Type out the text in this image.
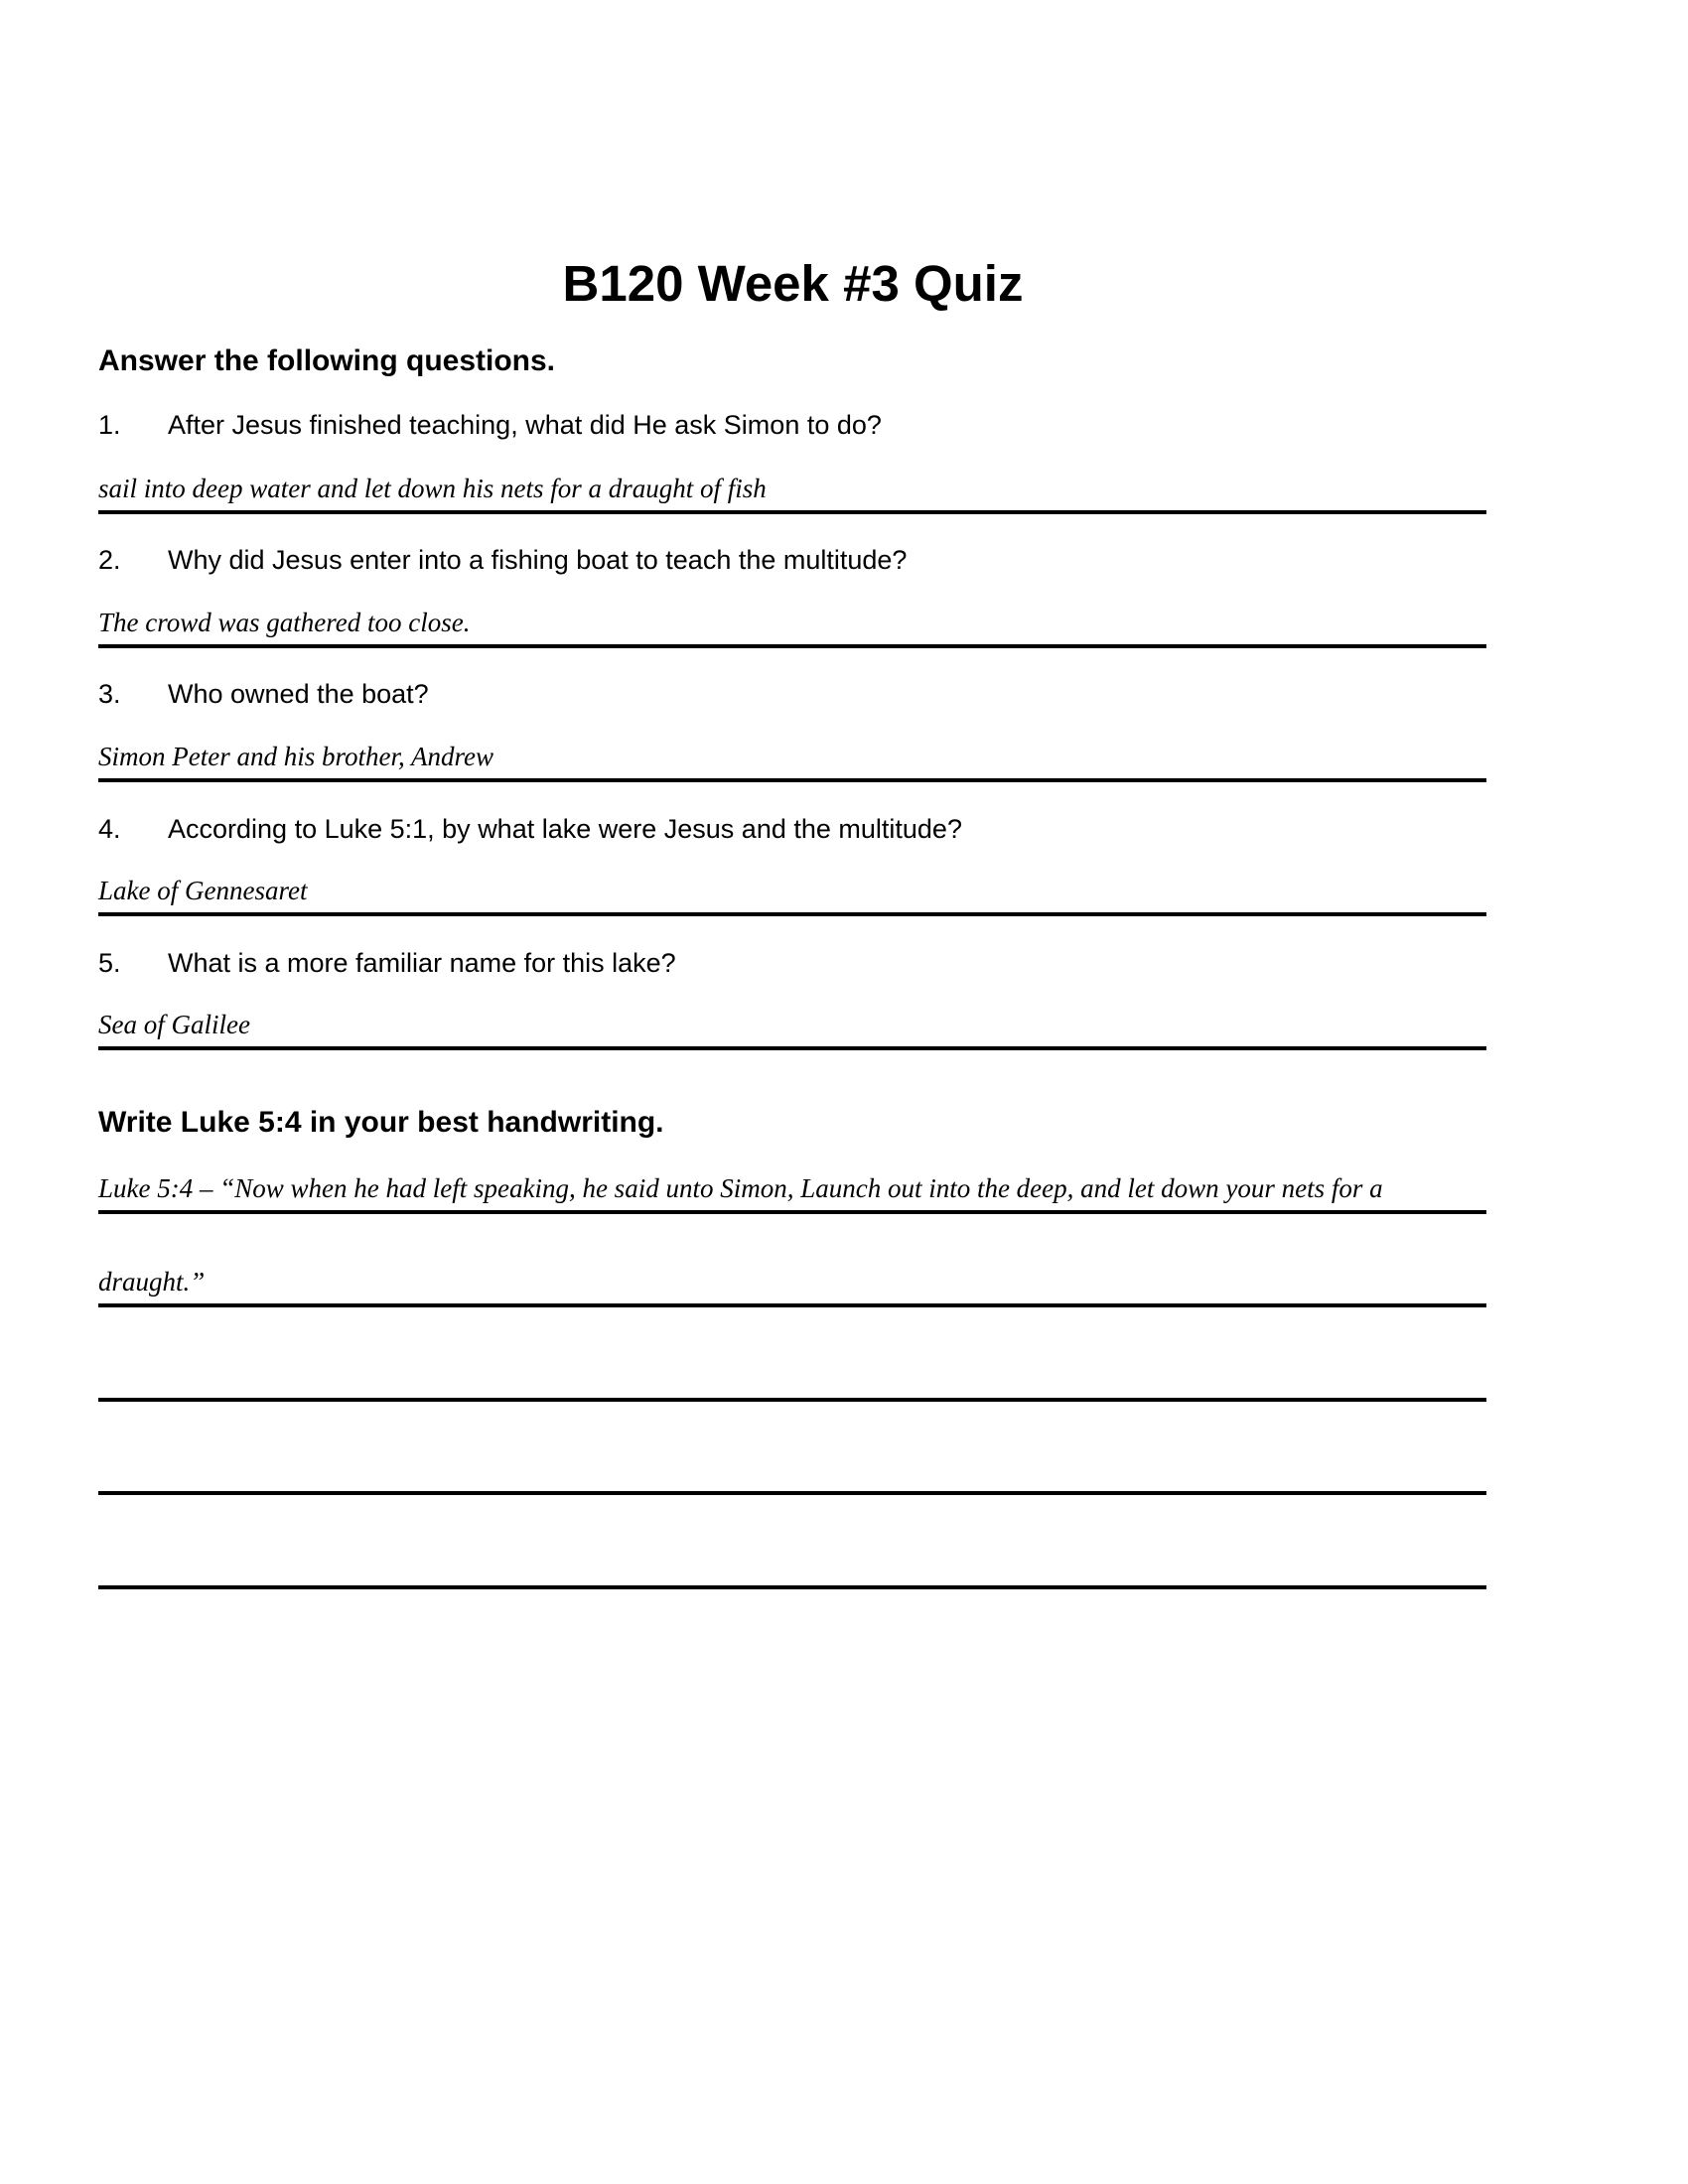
B120 Week #3 Quiz
Answer the following questions.
1. After Jesus finished teaching, what did He ask Simon to do?
sail into deep water and let down his nets for a draught of fish
2. Why did Jesus enter into a fishing boat to teach the multitude?
The crowd was gathered too close.
3. Who owned the boat?
Simon Peter and his brother, Andrew
4. According to Luke 5:1, by what lake were Jesus and the multitude?
Lake of Gennesaret
5. What is a more familiar name for this lake?
Sea of Galilee
Write Luke 5:4 in your best handwriting.
Luke 5:4 – “Now when he had left speaking, he said unto Simon, Launch out into the deep, and let down your nets for a
draught.”
